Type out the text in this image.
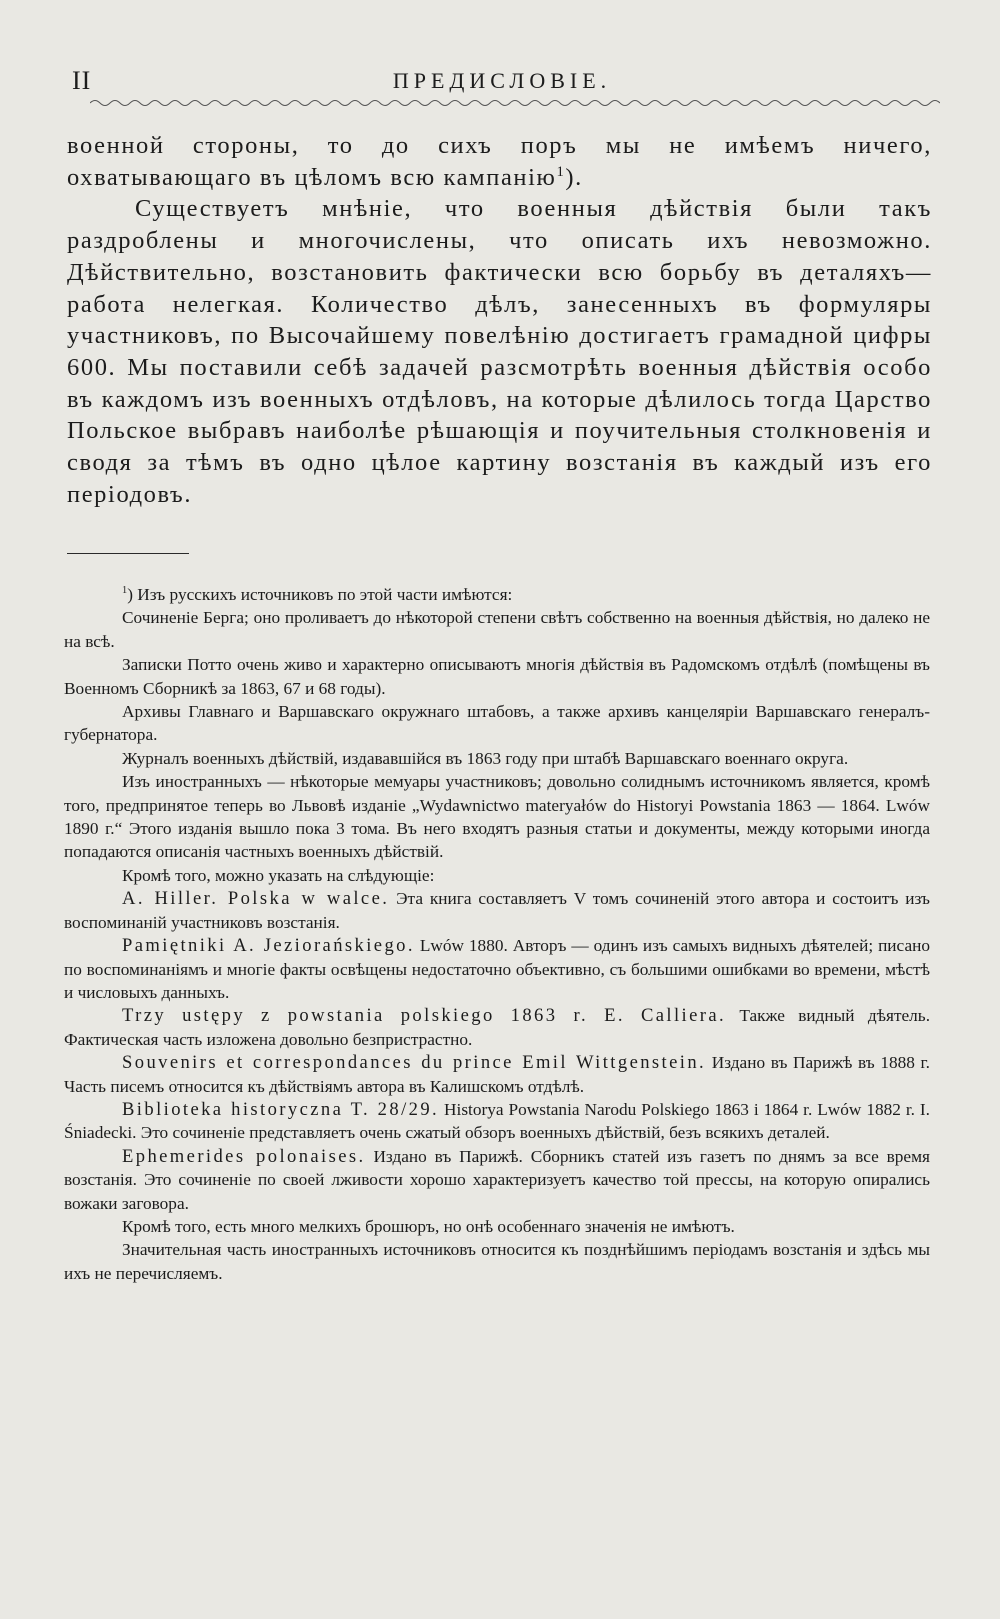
II	ПРЕДИСЛОВІЕ.

военной стороны, то до сихъ поръ мы не имѣемъ ничего, охватывающаго въ цѣломъ всю кампанію$^1$).

Существуетъ мнѣніе, что военныя дѣйствія были такъ раздроблены и многочислены, что описать ихъ невозможно. Дѣйствительно, возстановить фактически всю борьбу въ деталяхъ—работа нелегкая. Количество дѣлъ, занесенныхъ въ формуляры участниковъ, по Высочайшему повелѣнію достигаетъ грамадной цифры 600. Мы поставили себѣ задачей разсмотрѣть военныя дѣйствія особо въ каждомъ изъ военныхъ отдѣловъ, на которые дѣлилось тогда Царство Польское выбравъ наиболѣе рѣшающія и поучительныя столкновенія и сводя за тѣмъ въ одно цѣлое картину возстанія въ каждый изъ его періодовъ.

$^1$) Изъ русскихъ источниковъ по этой части имѣются:

Сочиненіе Берга; оно проливаетъ до нѣкоторой степени свѣтъ собственно на военныя дѣйствія, но далеко не на всѣ.

Записки Потто очень живо и характерно описываютъ многія дѣйствія въ Радомскомъ отдѣлѣ (помѣщены въ Военномъ Сборникѣ за 1863, 67 и 68 годы).

Архивы Главнаго и Варшавскаго окружнаго штабовъ, а также архивъ канцеляріи Варшавскаго генералъ-губернатора.

Журналъ военныхъ дѣйствій, издававшійся въ 1863 году при штабѣ Варшавскаго военнаго округа.

Изъ иностранныхъ — нѣкоторые мемуары участниковъ; довольно солиднымъ источникомъ является, кромѣ того, предпринятое теперь во Львовѣ изданіе „Wydawnictwo materyałów do Historyi Powstania 1863 — 1864. Lwów 1890 г.“ Этого изданія вышло пока 3 тома. Въ него входятъ разныя статьи и документы, между которыми иногда попадаются описанія частныхъ военныхъ дѣйствій.

Кромѣ того, можно указать на слѣдующіе:

A. Hiller. Polska w walce. Эта книга составляетъ V томъ сочиненій этого автора и состоитъ изъ воспоминаній участниковъ возстанія.

Pamiętniki A. Jeziorańskiego. Lwów 1880. Авторъ — одинъ изъ самыхъ видныхъ дѣятелей; писано по воспоминаніямъ и многіе факты освѣщены недостаточно объективно, съ большими ошибками во времени, мѣстѣ и числовыхъ данныхъ.

Trzy ustępy z powstania polskiego 1863 r. E. Calliera. Также видный дѣятель. Фактическая часть изложена довольно безпристрастно.

Souvenirs et correspondances du prince Emil Wittgenstein. Издано въ Парижѣ въ 1888 г. Часть писемъ относится къ дѣйствіямъ автора въ Калишскомъ отдѣлѣ.

Biblioteka historyczna T. 28/29. Historya Powstania Narodu Polskiego 1863 i 1864 r. Lwów 1882 r. I. Śniadecki. Это сочиненіе представляетъ очень сжатый обзоръ военныхъ дѣйствій, безъ всякихъ деталей.

Ephemerides polonaises. Издано въ Парижѣ. Сборникъ статей изъ газетъ по днямъ за все время возстанія. Это сочиненіе по своей лживости хорошо характеризуетъ качество той прессы, на которую опирались вожаки заговора.

Кромѣ того, есть много мелкихъ брошюръ, но онѣ особеннаго значенія не имѣютъ.

Значительная часть иностранныхъ источниковъ относится къ позднѣйшимъ періодамъ возстанія и здѣсь мы ихъ не перечисляемъ.
